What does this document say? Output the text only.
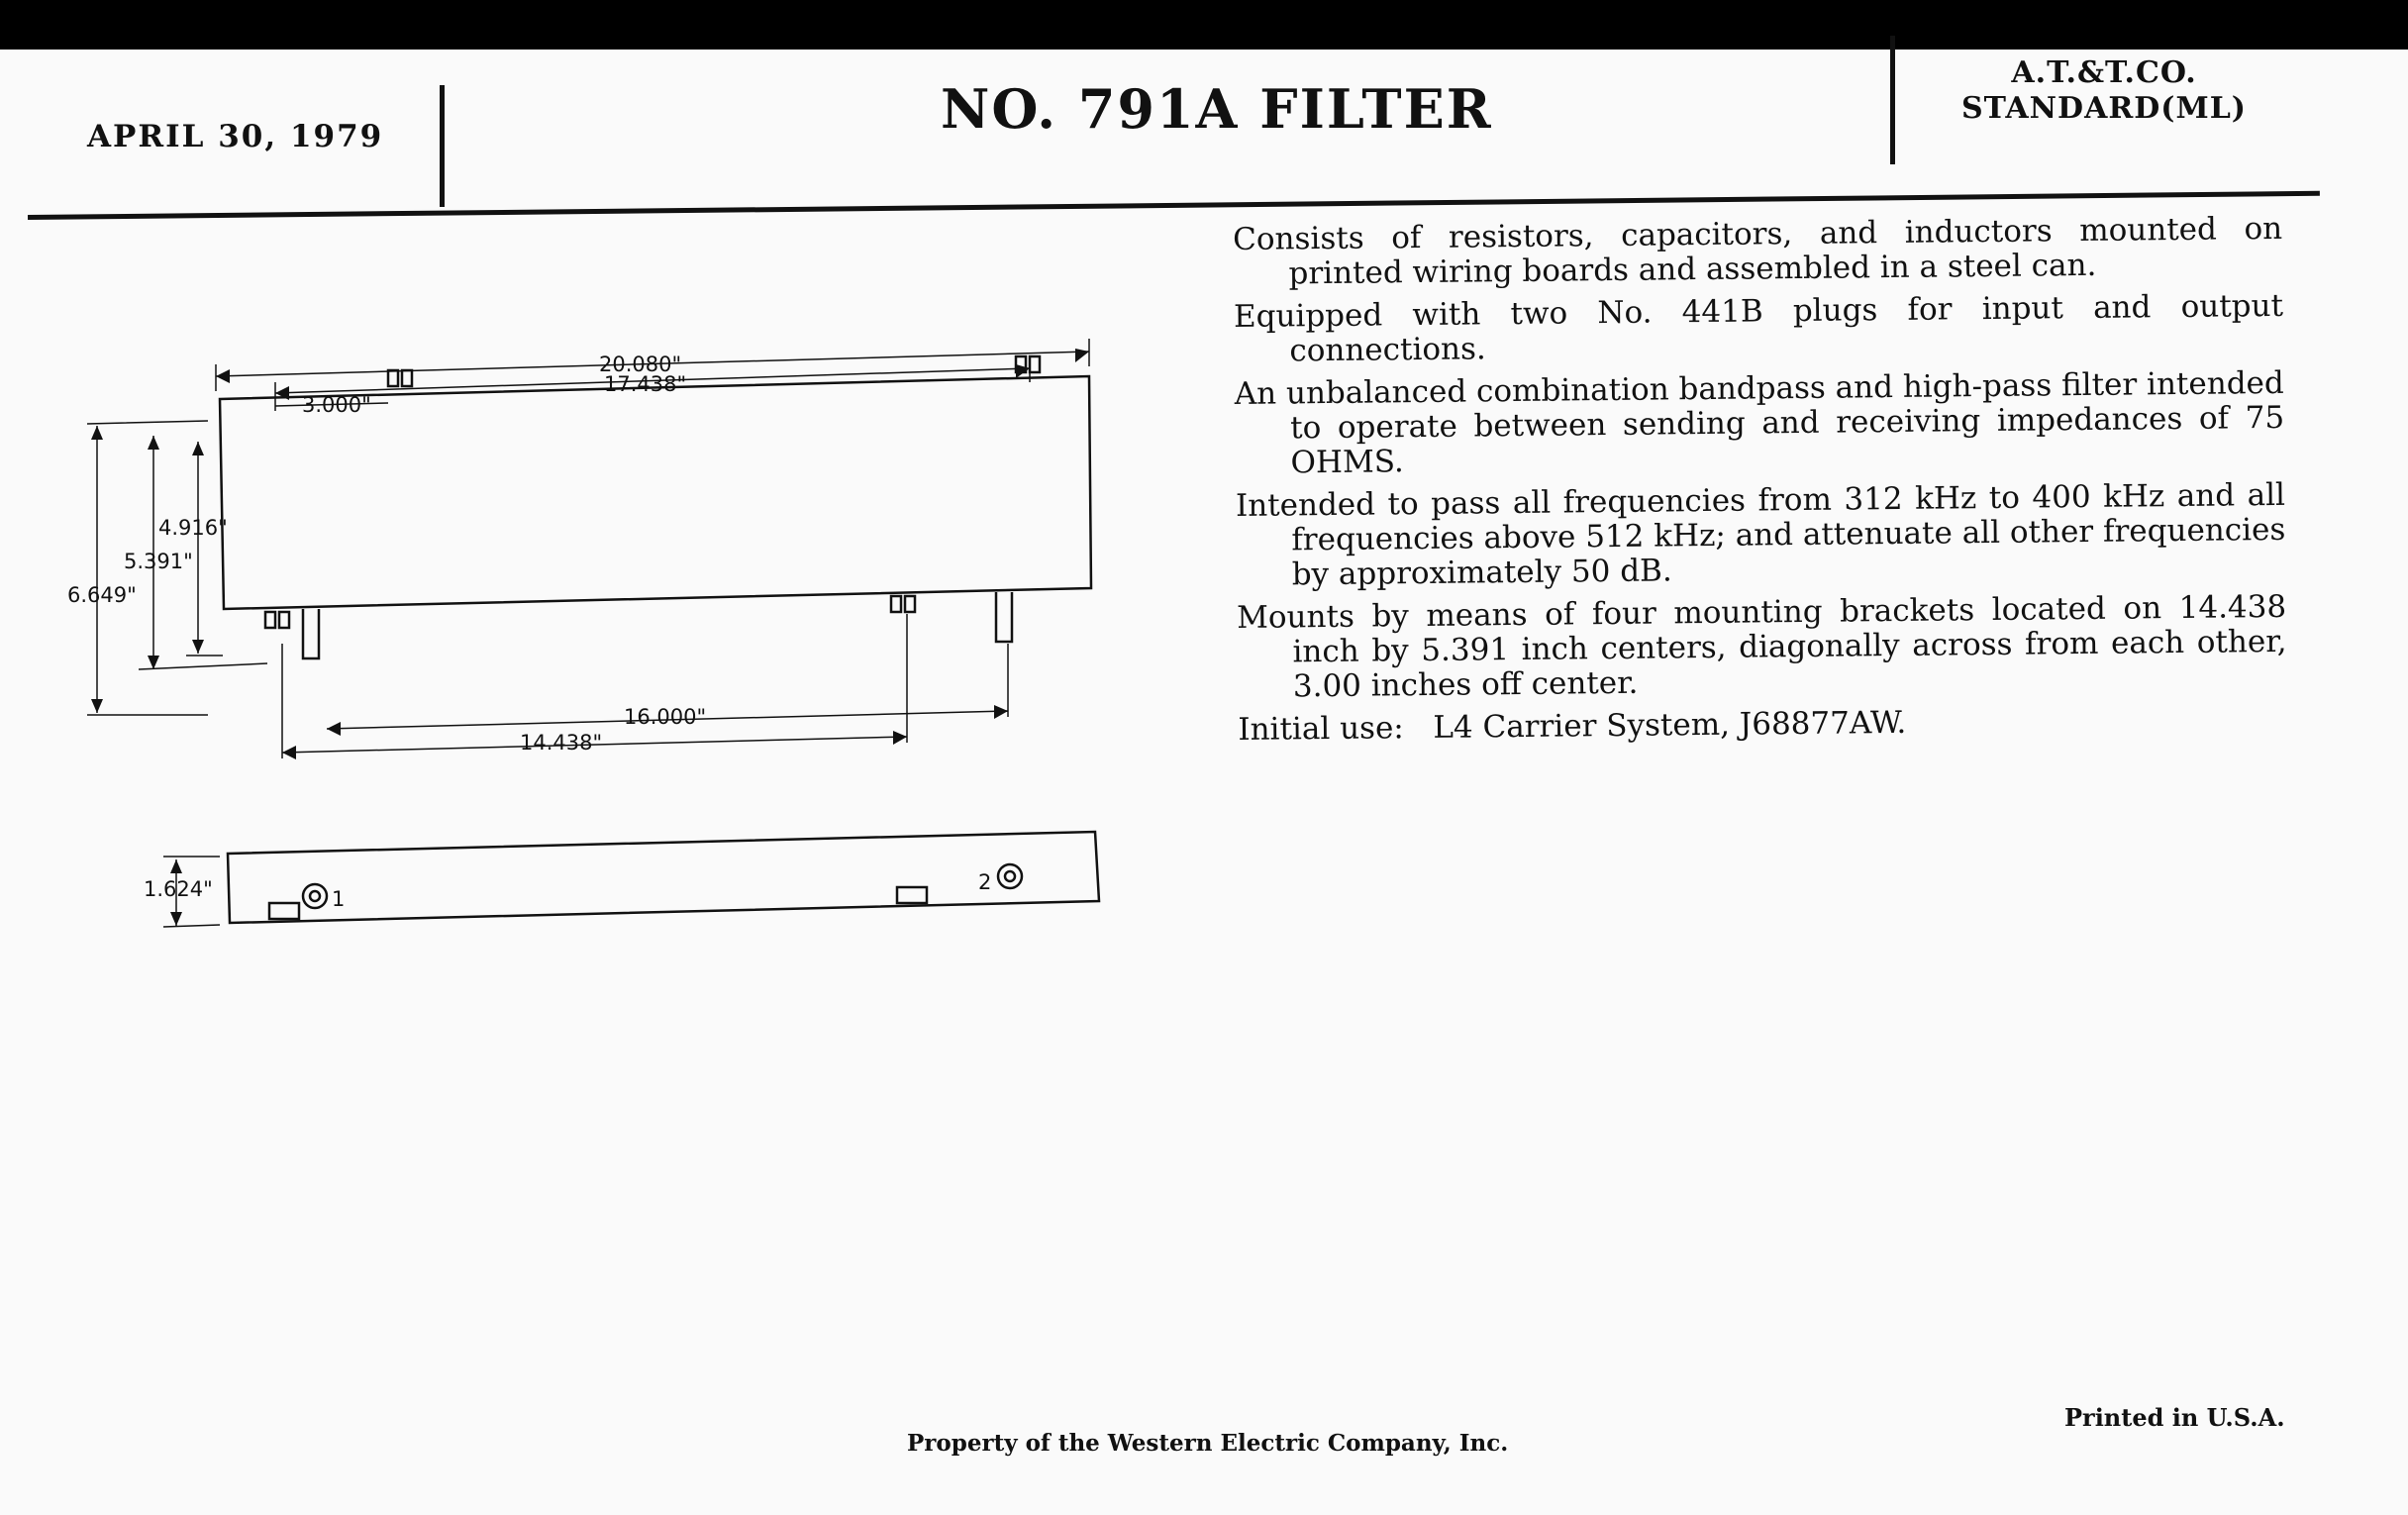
APRIL 30, 1979	NO. 791A FILTER
A.T.&T.CO.
STANDARD(ML)
20.080"
17.438"
3.000"
4.916"
5.391"
6.649"
16.000"
14.438"
1.624"	1
2

Consists of resistors, capacitors, and inductors mounted on printed wiring boards and assembled in a steel can.

Equipped with two No. 441B plugs for input and output connections.

An unbalanced combination bandpass and high-pass filter intended to operate between sending and receiving impedances of 75 OHMS.

Intended to pass all frequencies from 312 kHz to 400 kHz and all frequencies above 512 kHz; and attenuate all other frequencies by approximately 50 dB.

Mounts by means of four mounting brackets located on 14.438 inch by 5.391 inch centers, diagonally across from each other, 3.00 inches off center.

Initial use: L4 Carrier System, J68877AW.

Property of the Western Electric Company, Inc.
Printed in U.S.A.
